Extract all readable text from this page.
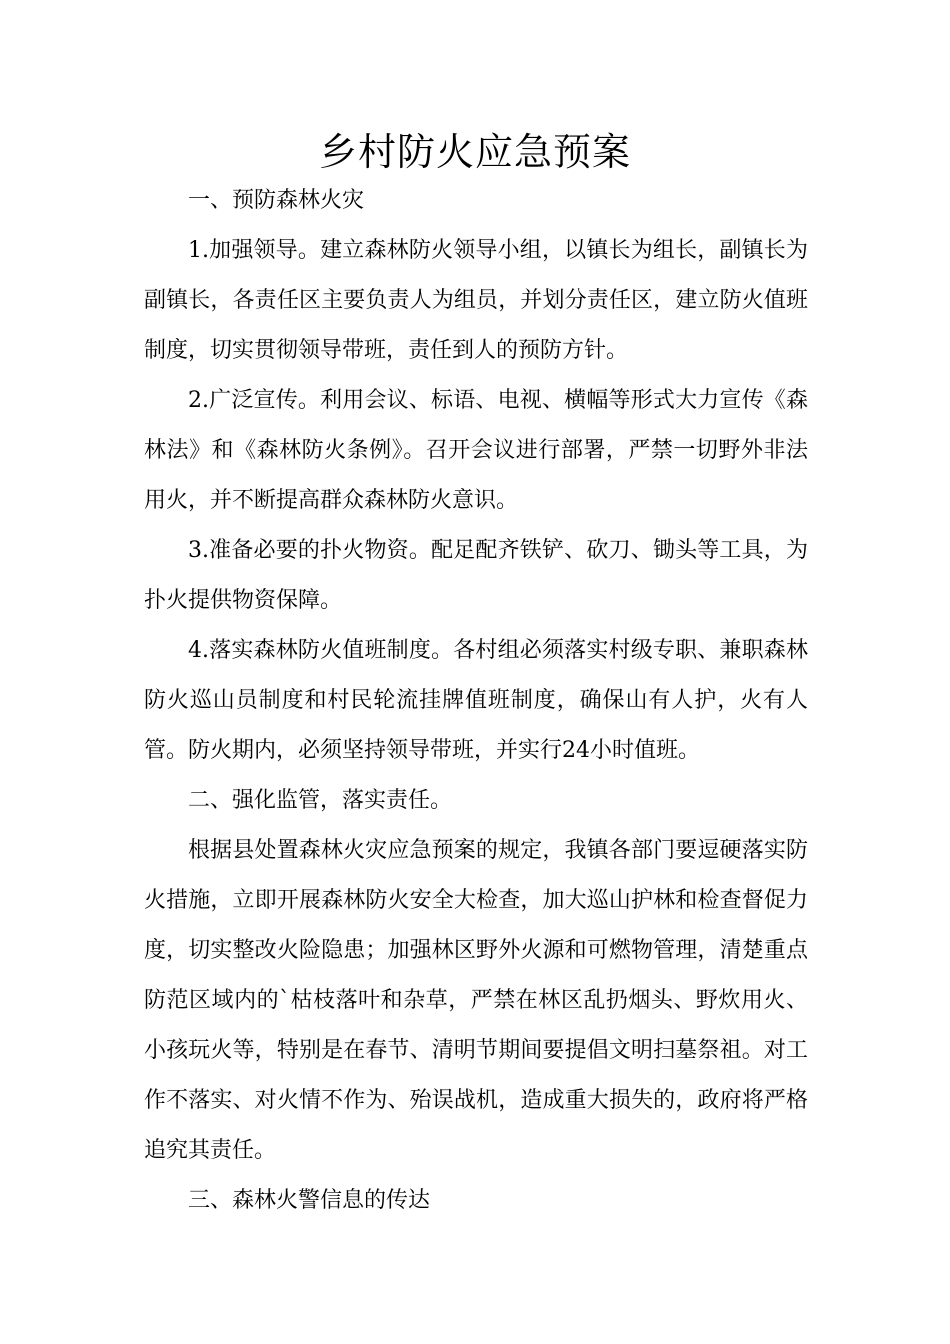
乡村防火应急预案

一、预防森林火灾

1.加强领导。建立森林防火领导小组，以镇长为组长，副镇长为副镇长，各责任区主要负责人为组员，并划分责任区，建立防火值班制度，切实贯彻领导带班，责任到人的预防方针。

2.广泛宣传。利用会议、标语、电视、横幅等形式大力宣传《森林法》和《森林防火条例》。召开会议进行部署，严禁一切野外非法用火，并不断提高群众森林防火意识。

3.准备必要的扑火物资。配足配齐铁铲、砍刀、锄头等工具，为扑火提供物资保障。

4.落实森林防火值班制度。各村组必须落实村级专职、兼职森林防火巡山员制度和村民轮流挂牌值班制度，确保山有人护，火有人管。防火期内，必须坚持领导带班，并实行24小时值班。

二、强化监管，落实责任。

根据县处置森林火灾应急预案的规定，我镇各部门要逗硬落实防火措施，立即开展森林防火安全大检查，加大巡山护林和检查督促力度，切实整改火险隐患；加强林区野外火源和可燃物管理，清楚重点防范区域内的`枯枝落叶和杂草，严禁在林区乱扔烟头、野炊用火、小孩玩火等，特别是在春节、清明节期间要提倡文明扫墓祭祖。对工作不落实、对火情不作为、殆误战机，造成重大损失的，政府将严格追究其责任。

三、森林火警信息的传达
